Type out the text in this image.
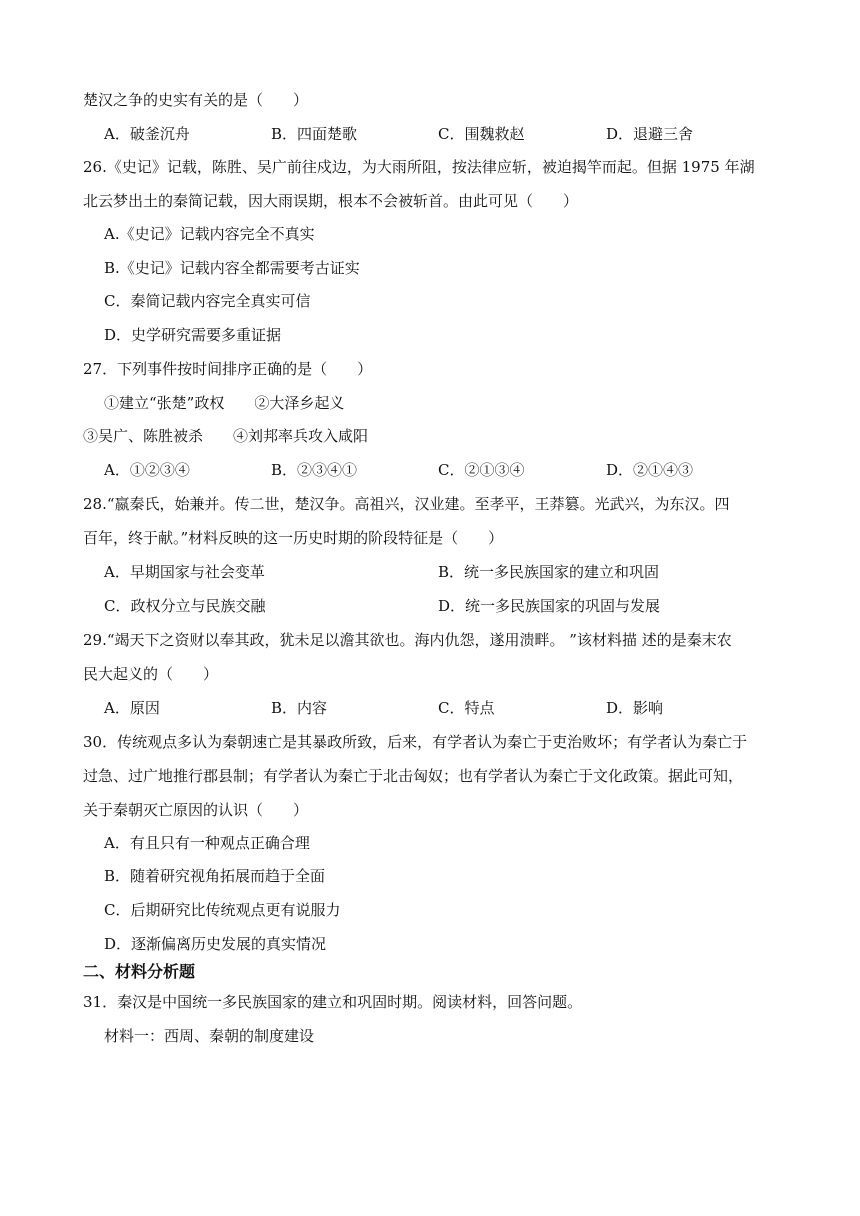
楚汉之争的史实有关的是（　　）
A．破釜沉舟	B．四面楚歌	C．围魏救赵	D．退避三舍
26.《史记》记载，陈胜、吴广前往戍边，为大雨所阻，按法律应斩，被迫揭竿而起。但据 1975 年湖
北云梦出土的秦简记载，因大雨误期，根本不会被斩首。由此可见（　　）
A.《史记》记载内容完全不真实
B.《史记》记载内容全都需要考古证实
C．秦简记载内容完全真实可信
D．史学研究需要多重证据
27．下列事件按时间排序正确的是（　　）
①建立“张楚”政权　　②大泽乡起义
③吴广、陈胜被杀　　④刘邦率兵攻入咸阳
A．①②③④	B．②③④①	C．②①③④	D．②①④③
28.“嬴秦氏，始兼并。传二世，楚汉争。高祖兴，汉业建。至孝平，王莽篡。光武兴，为东汉。四
百年，终于献。”材料反映的这一历史时期的阶段特征是（　　）
A．早期国家与社会变革	B．统一多民族国家的建立和巩固
C．政权分立与民族交融	D．统一多民族国家的巩固与发展
29.“竭天下之资财以奉其政，犹未足以澹其欲也。海内仇怨，遂用溃畔。 ”该材料描 述的是秦末农
民大起义的（　　）
A．原因	B．内容	C．特点	D．影响
30．传统观点多认为秦朝速亡是其暴政所致，后来，有学者认为秦亡于吏治败坏；有学者认为秦亡于
过急、过广地推行郡县制；有学者认为秦亡于北击匈奴；也有学者认为秦亡于文化政策。据此可知，
关于秦朝灭亡原因的认识（　　）
A．有且只有一种观点正确合理
B．随着研究视角拓展而趋于全面
C．后期研究比传统观点更有说服力
D．逐渐偏离历史发展的真实情况
二、材料分析题
31．秦汉是中国统一多民族国家的建立和巩固时期。阅读材料，回答问题。
材料一：西周、秦朝的制度建设
